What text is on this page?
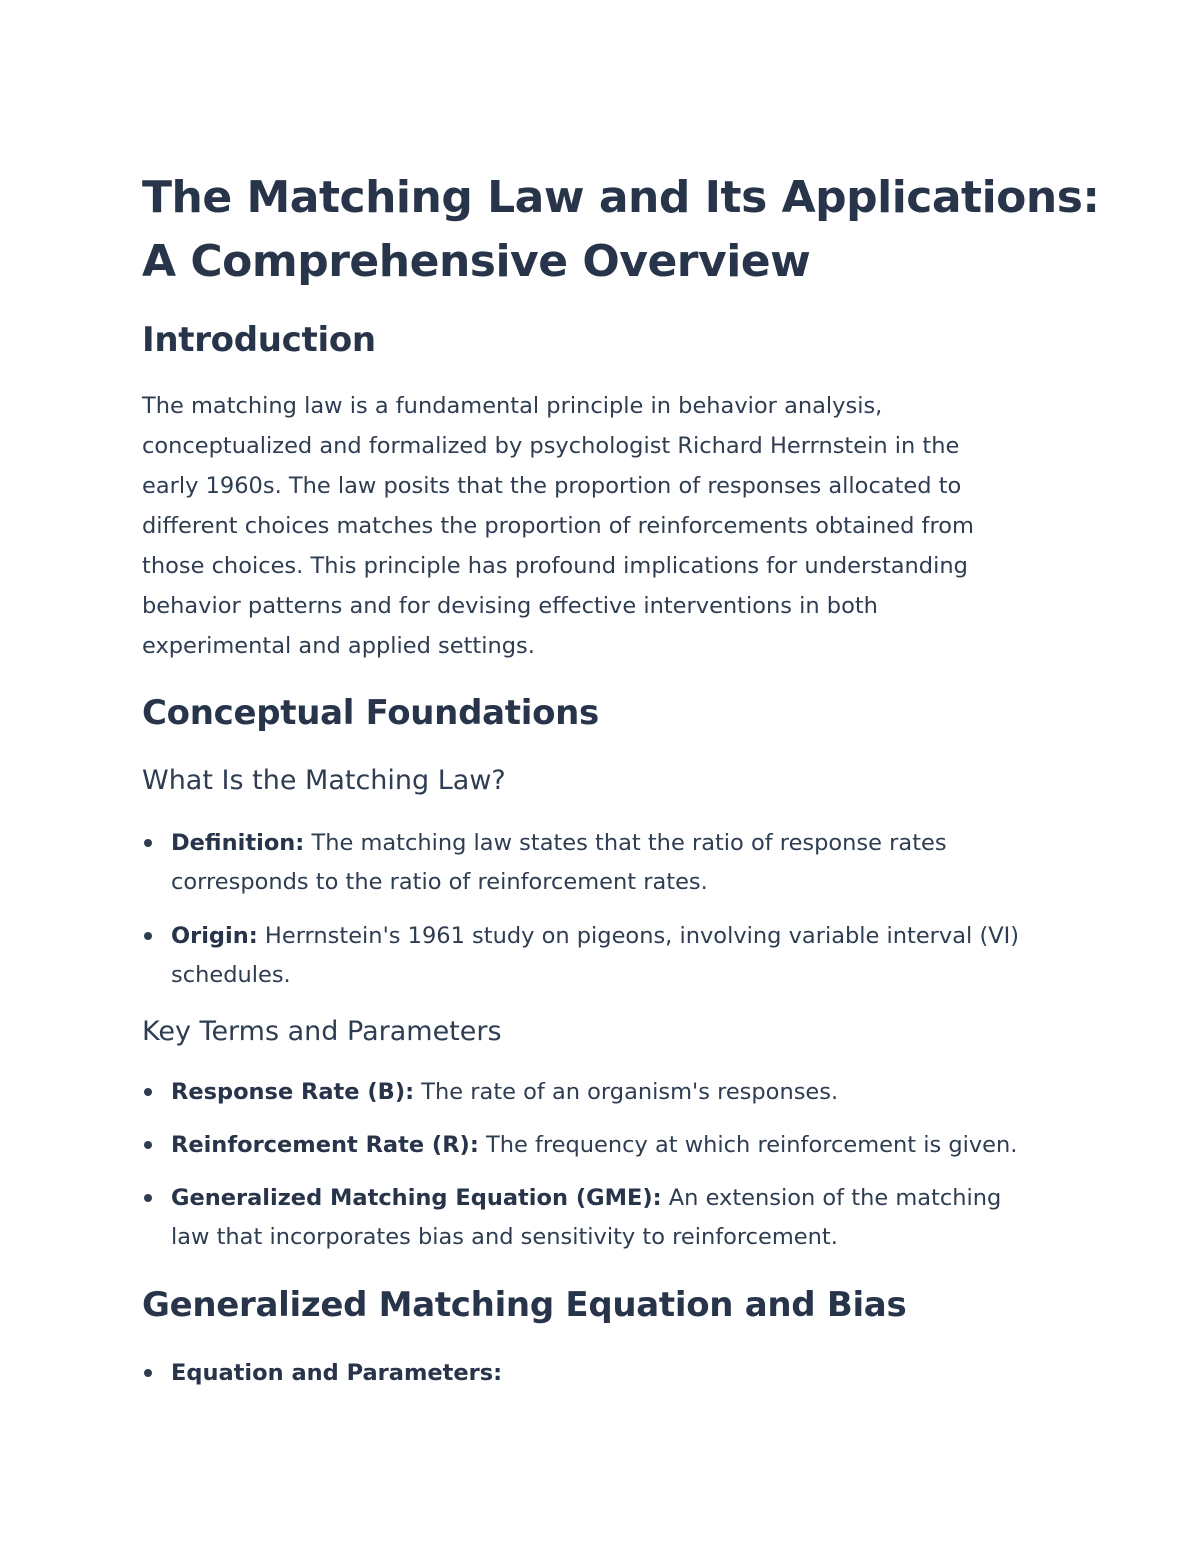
The Matching Law and Its Applications:
A Comprehensive Overview
Introduction

The matching law is a fundamental principle in behavior analysis,
conceptualized and formalized by psychologist Richard Herrnstein in the
early 1960s. The law posits that the proportion of responses allocated to
different choices matches the proportion of reinforcements obtained from
those choices. This principle has profound implications for understanding
behavior patterns and for devising effective interventions in both
experimental and applied settings.

Conceptual Foundations
What Is the Matching Law?
Definition: The matching law states that the ratio of response rates
corresponds to the ratio of reinforcement rates.
Origin: Herrnstein's 1961 study on pigeons, involving variable interval (VI)
schedules.
Key Terms and Parameters
Response Rate (B): The rate of an organism's responses.
Reinforcement Rate (R): The frequency at which reinforcement is given.
Generalized Matching Equation (GME): An extension of the matching
law that incorporates bias and sensitivity to reinforcement.
Generalized Matching Equation and Bias
Equation and Parameters:
